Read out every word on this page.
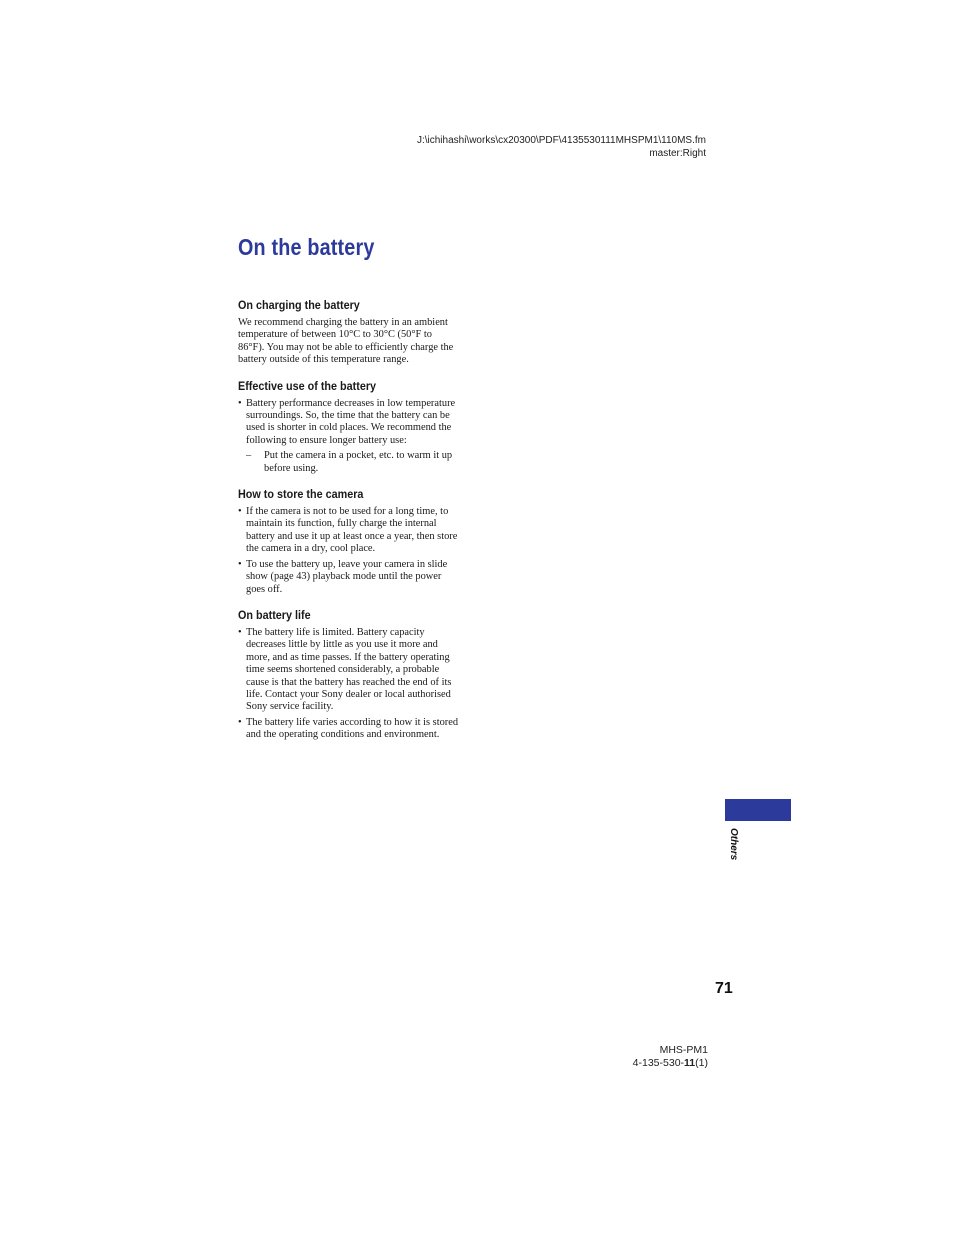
J:\ichihashi\works\cx20300\PDF\4135530111MHSPM1\110MS.fm
master:Right
On the battery
On charging the battery

We recommend charging the battery in an ambient temperature of between 10°C to 30°C (50°F to 86°F). You may not be able to efficiently charge the battery outside of this temperature range.

Effective use of the battery
• Battery performance decreases in low temperature surroundings. So, the time that the battery can be used is shorter in cold places. We recommend the following to ensure longer battery use:
– Put the camera in a pocket, etc. to warm it up before using.
How to store the camera
• If the camera is not to be used for a long time, to maintain its function, fully charge the internal battery and use it up at least once a year, then store the camera in a dry, cool place.
• To use the battery up, leave your camera in slide show (page 43) playback mode until the power goes off.
On battery life
• The battery life is limited. Battery capacity decreases little by little as you use it more and more, and as time passes. If the battery operating time seems shortened considerably, a probable cause is that the battery has reached the end of its life. Contact your Sony dealer or local authorised Sony service facility.
• The battery life varies according to how it is stored and the operating conditions and environment.
Others
71
MHS-PM1
4-135-530-11(1)
